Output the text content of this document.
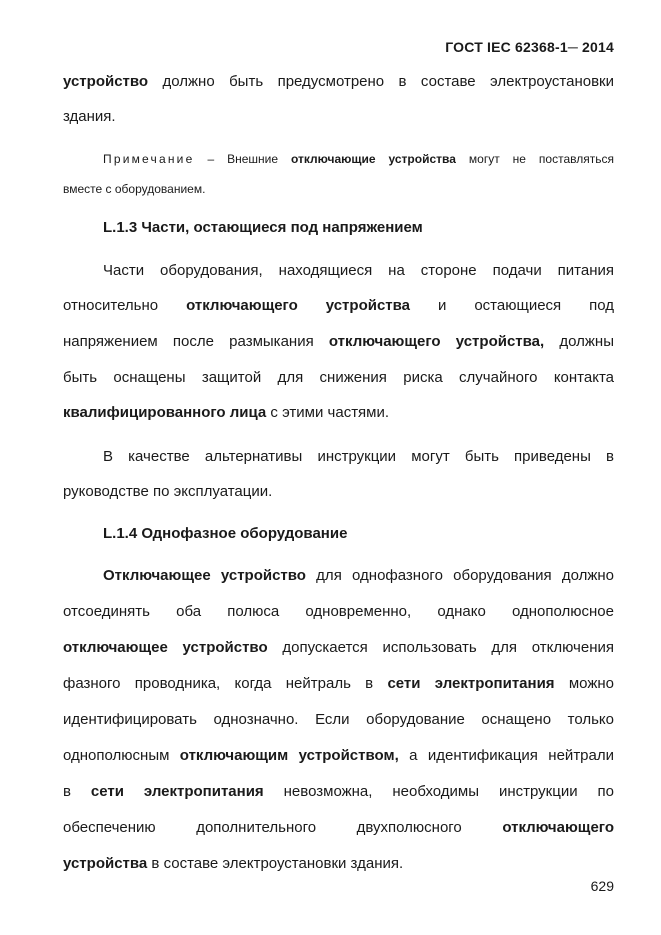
ГОСТ IEC 62368-1─ 2014
устройство должно быть предусмотрено в составе электроустановки
здания.
Примечание – Внешние отключающие устройства могут не поставляться
вместе с оборудованием.
L.1.3 Части, остающиеся под напряжением
Части оборудования, находящиеся на стороне подачи питания
относительно отключающего устройства и остающиеся под
напряжением после размыкания отключающего устройства, должны
быть оснащены защитой для снижения риска случайного контакта
квалифицированного лица с этими частями.
В качестве альтернативы инструкции могут быть приведены в
руководстве по эксплуатации.
L.1.4 Однофазное оборудование
Отключающее устройство для однофазного оборудования должно
отсоединять оба полюса одновременно, однако однополюсное
отключающее устройство допускается использовать для отключения
фазного проводника, когда нейтраль в сети электропитания можно
идентифицировать однозначно. Если оборудование оснащено только
однополюсным отключающим устройством, а идентификация нейтрали
в сети электропитания невозможна, необходимы инструкции по
обеспечению дополнительного двухполюсного отключающего
устройства в составе электроустановки здания.
629
